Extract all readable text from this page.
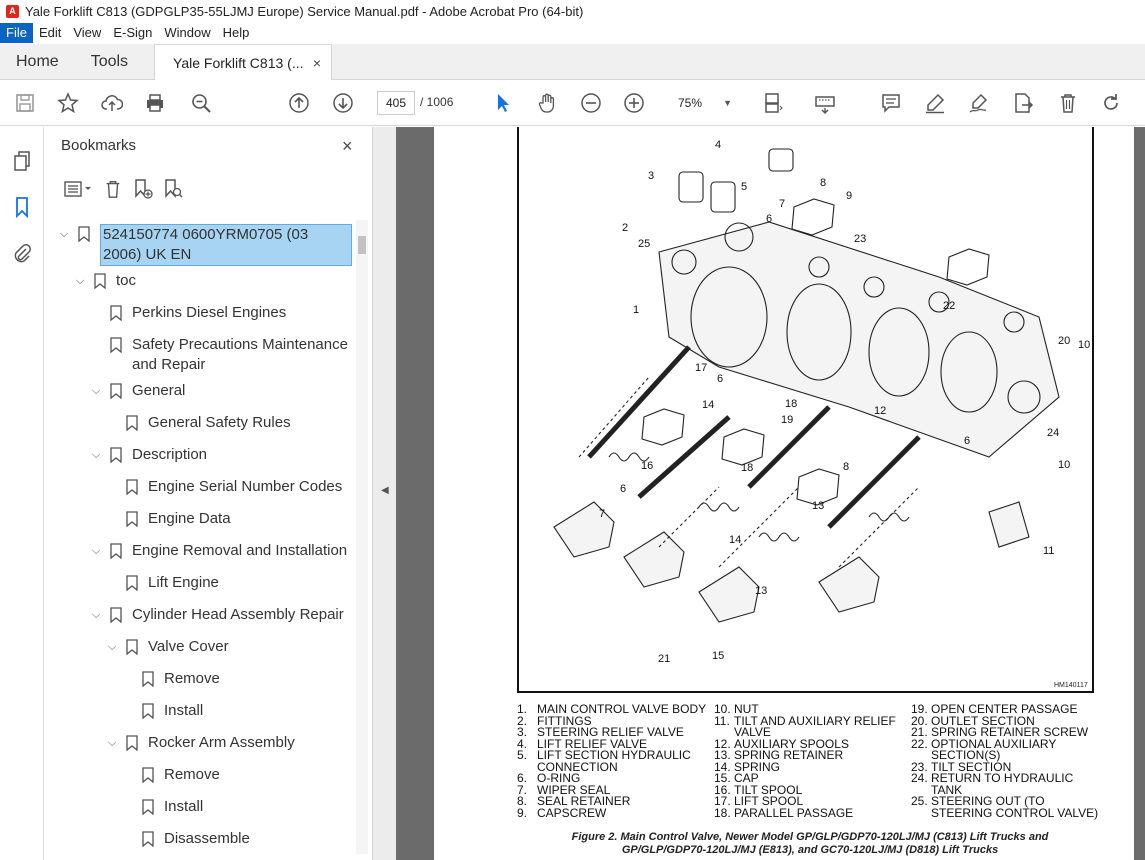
A Yale Forklift C813 (GDPGLP35-55LJMJ Europe) Service Manual.pdf - Adobe Acrobat Pro (64-bit)
File Edit View E-Sign Window Help
Home	Tools	Yale Forklift C813 (... ×
405	/ 1006	75% ▼
Bookmarks	×
⌵ 524150774 0600YRM0705 (03 2006) UK EN
⌵ toc
Perkins Diesel Engines
Safety Precautions Maintenance and Repair
⌵ General
General Safety Rules
⌵ Description
Engine Serial Number Codes
Engine Data
⌵ Engine Removal and Installation
Lift Engine
⌵ Cylinder Head Assembly Repair
⌵ Valve Cover
Remove
Install
⌵ Rocker Arm Assembly
Remove
Install
Disassemble
◀
HM140117
3
4
5	8
9
7
6
2
25	23
1	22
20 10
17
6
14	18
12
19
24
6
10
16	18	8
6
13
7
14
11
13
15
21
1. MAIN CONTROL VALVE BODY
2. FITTINGS
3. STEERING RELIEF VALVE
4. LIFT RELIEF VALVE
5. LIFT SECTION HYDRAULIC
CONNECTION
6. O-RING
7. WIPER SEAL
8. SEAL RETAINER
9. CAPSCREW
10. NUT
11. TILT AND AUXILIARY RELIEF
VALVE
12. AUXILIARY SPOOLS
13. SPRING RETAINER
14. SPRING
15. CAP
16. TILT SPOOL
17. LIFT SPOOL
18. PARALLEL PASSAGE
19. OPEN CENTER PASSAGE
20. OUTLET SECTION
21. SPRING RETAINER SCREW
22. OPTIONAL AUXILIARY
SECTION(S)
23. TILT SECTION
24. RETURN TO HYDRAULIC
TANK
25. STEERING OUT (TO
STEERING CONTROL VALVE)
Figure 2. Main Control Valve, Newer Model GP/GLP/GDP70-120LJ/MJ (C813) Lift Trucks and
GP/GLP/GDP70-120LJ/MJ (E813), and GC70-120LJ/MJ (D818) Lift Trucks
